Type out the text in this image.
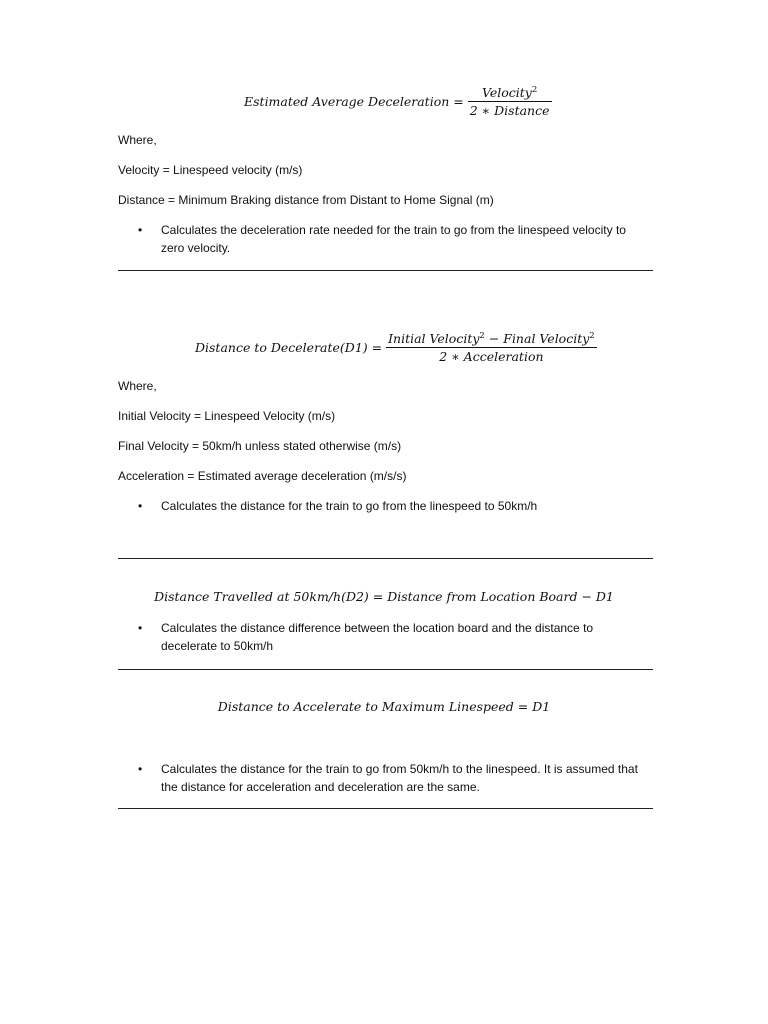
Estimated Average Deceleration = $\frac{Velocity^2}{\text{2 ∗ Distance}}$
Where,
Velocity = Linespeed velocity (m/s)
Distance = Minimum Braking distance from Distant to Home Signal (m)
• Calculates the deceleration rate needed for the train to go from the linespeed velocity to zero velocity.
Distance to Decelerate(D1) = $\frac{Initial Velocity^2 - Final Velocity^2}{\text{2 ∗ Acceleration}}$
Where,
Initial Velocity = Linespeed Velocity (m/s)
Final Velocity = 50km/h unless stated otherwise (m/s)
Acceleration = Estimated average deceleration (m/s/s)
• Calculates the distance for the train to go from the linespeed to 50km/h
Distance Travelled at 50km/h(D2) = Distance from Location Board − D1
• Calculates the distance difference between the location board and the distance to decelerate to 50km/h
Distance to Accelerate to Maximum Linespeed = D1
• Calculates the distance for the train to go from 50km/h to the linespeed. It is assumed that the distance for acceleration and deceleration are the same.
